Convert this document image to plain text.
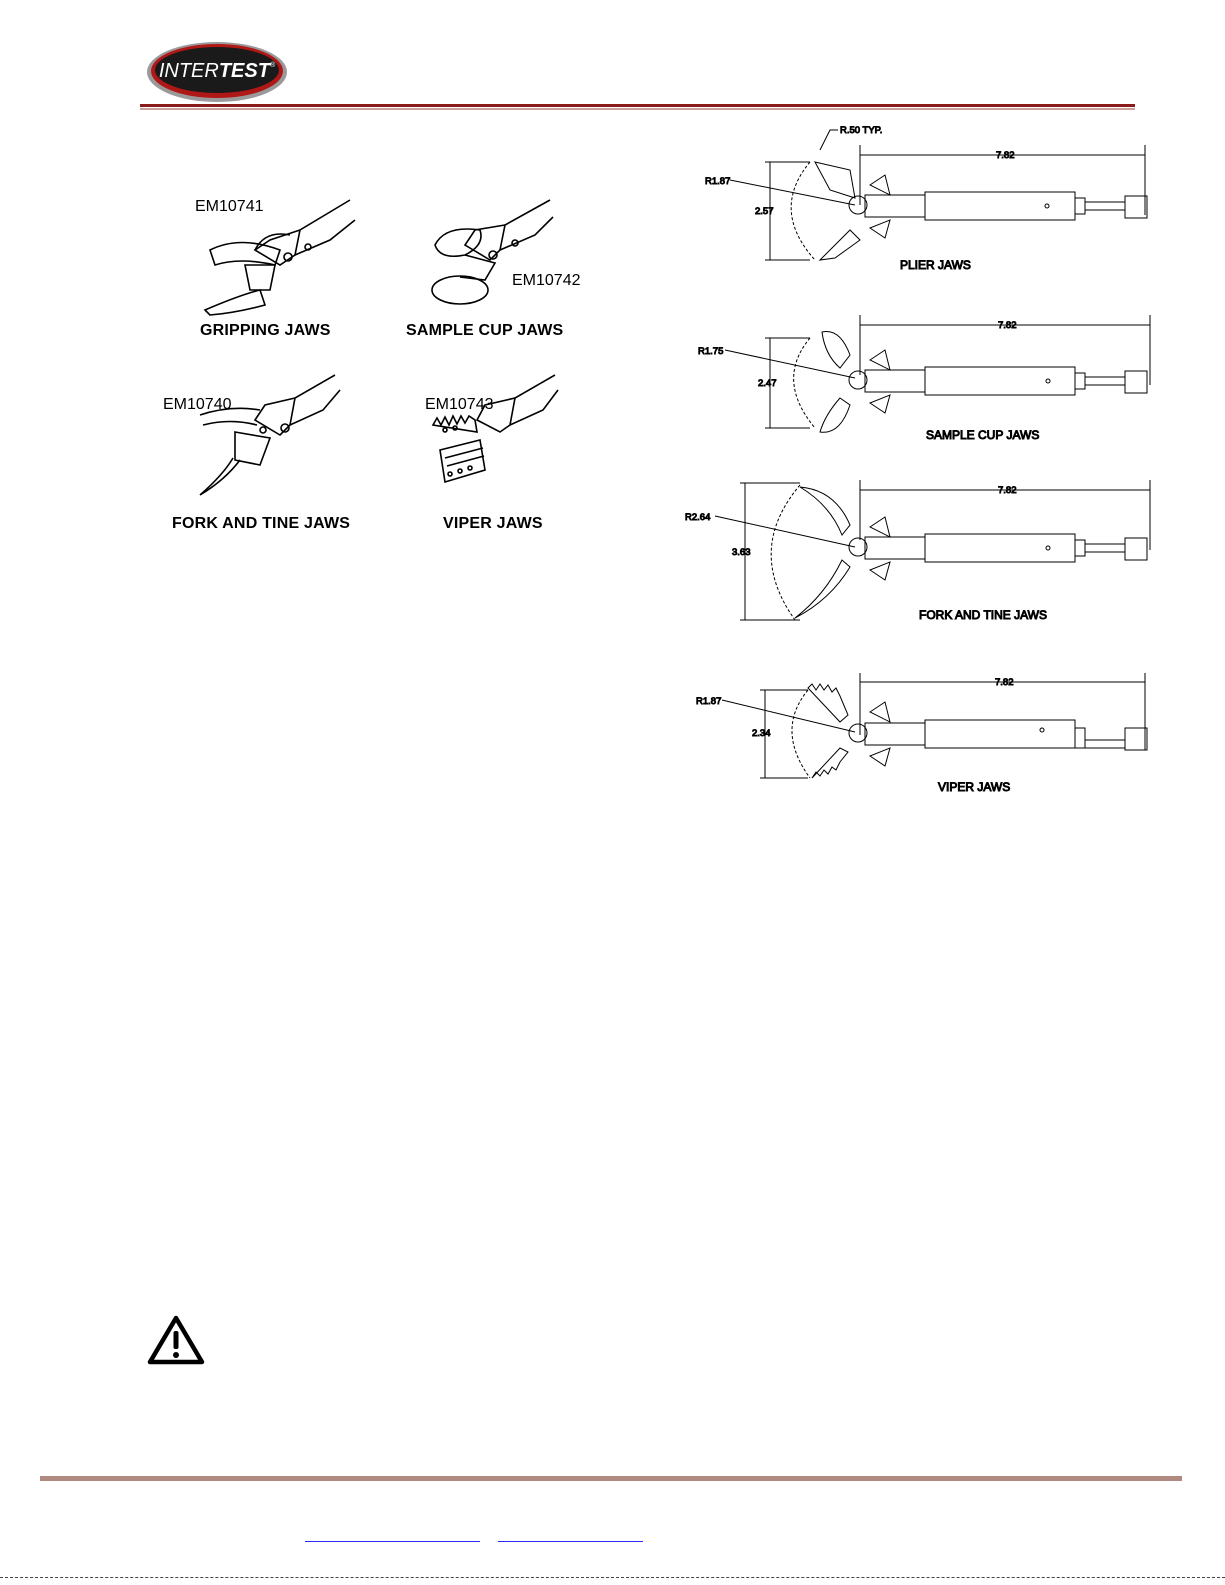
INTERTEST®
EM10741
GRIPPING JAWS
EM10742
SAMPLE CUP JAWS
EM10740
FORK AND TINE JAWS
EM10743
VIPER JAWS
R.50 TYP.
7.82
R1.87
2.57
PLIER JAWS
7.82
R1.75
2.47
SAMPLE CUP JAWS
7.82
R2.64
3.63
FORK AND TINE JAWS
7.82
R1.87
2.34
VIPER JAWS
